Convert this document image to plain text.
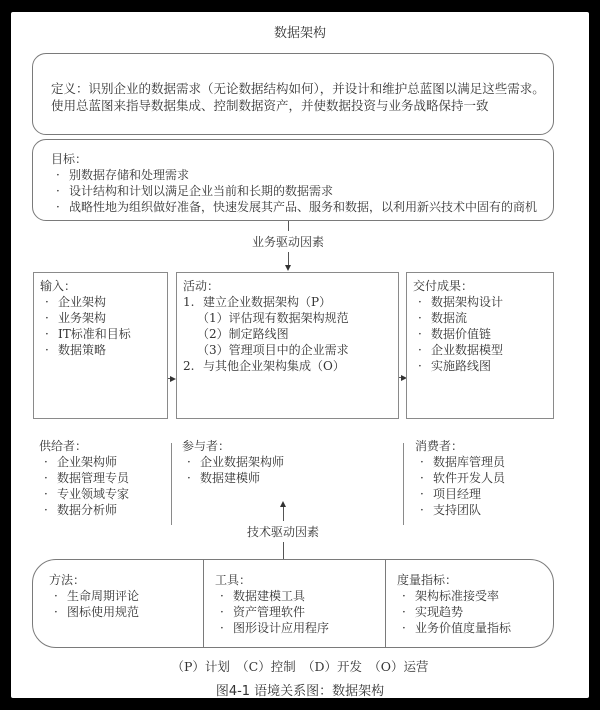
数据架构
定义：识别企业的数据需求（无论数据结构如何），并设计和维护总蓝图以满足这些需求。
使用总蓝图来指导数据集成、控制数据资产，并使数据投资与业务战略保持一致
目标：
· 别数据存储和处理需求
· 设计结构和计划以满足企业当前和长期的数据需求
· 战略性地为组织做好准备，快速发展其产品、服务和数据，以利用新兴技术中固有的商机
业务驱动因素
输入：
· 企业架构
· 业务架构
· IT标准和目标
· 数据策略
活动：
1. 建立企业数据架构（P）
（1）评估现有数据架构规范
（2）制定路线图
（3）管理项目中的企业需求
2. 与其他企业架构集成（O）
交付成果：
· 数据架构设计
· 数据流
· 数据价值链
· 企业数据模型
· 实施路线图
供给者：
· 企业架构师
· 数据管理专员
· 专业领域专家
· 数据分析师
参与者：
· 企业数据架构师
· 数据建模师
消费者：
· 数据库管理员
· 软件开发人员
· 项目经理
· 支持团队
技术驱动因素
方法：
· 生命周期评论
· 图标使用规范
工具：
· 数据建模工具
· 资产管理软件
· 图形设计应用程序
度量指标：
· 架构标准接受率
· 实现趋势
· 业务价值度量指标
（P）计划　（C）控制　（D）开发　（O）运营
图4-1 语境关系图：数据架构
